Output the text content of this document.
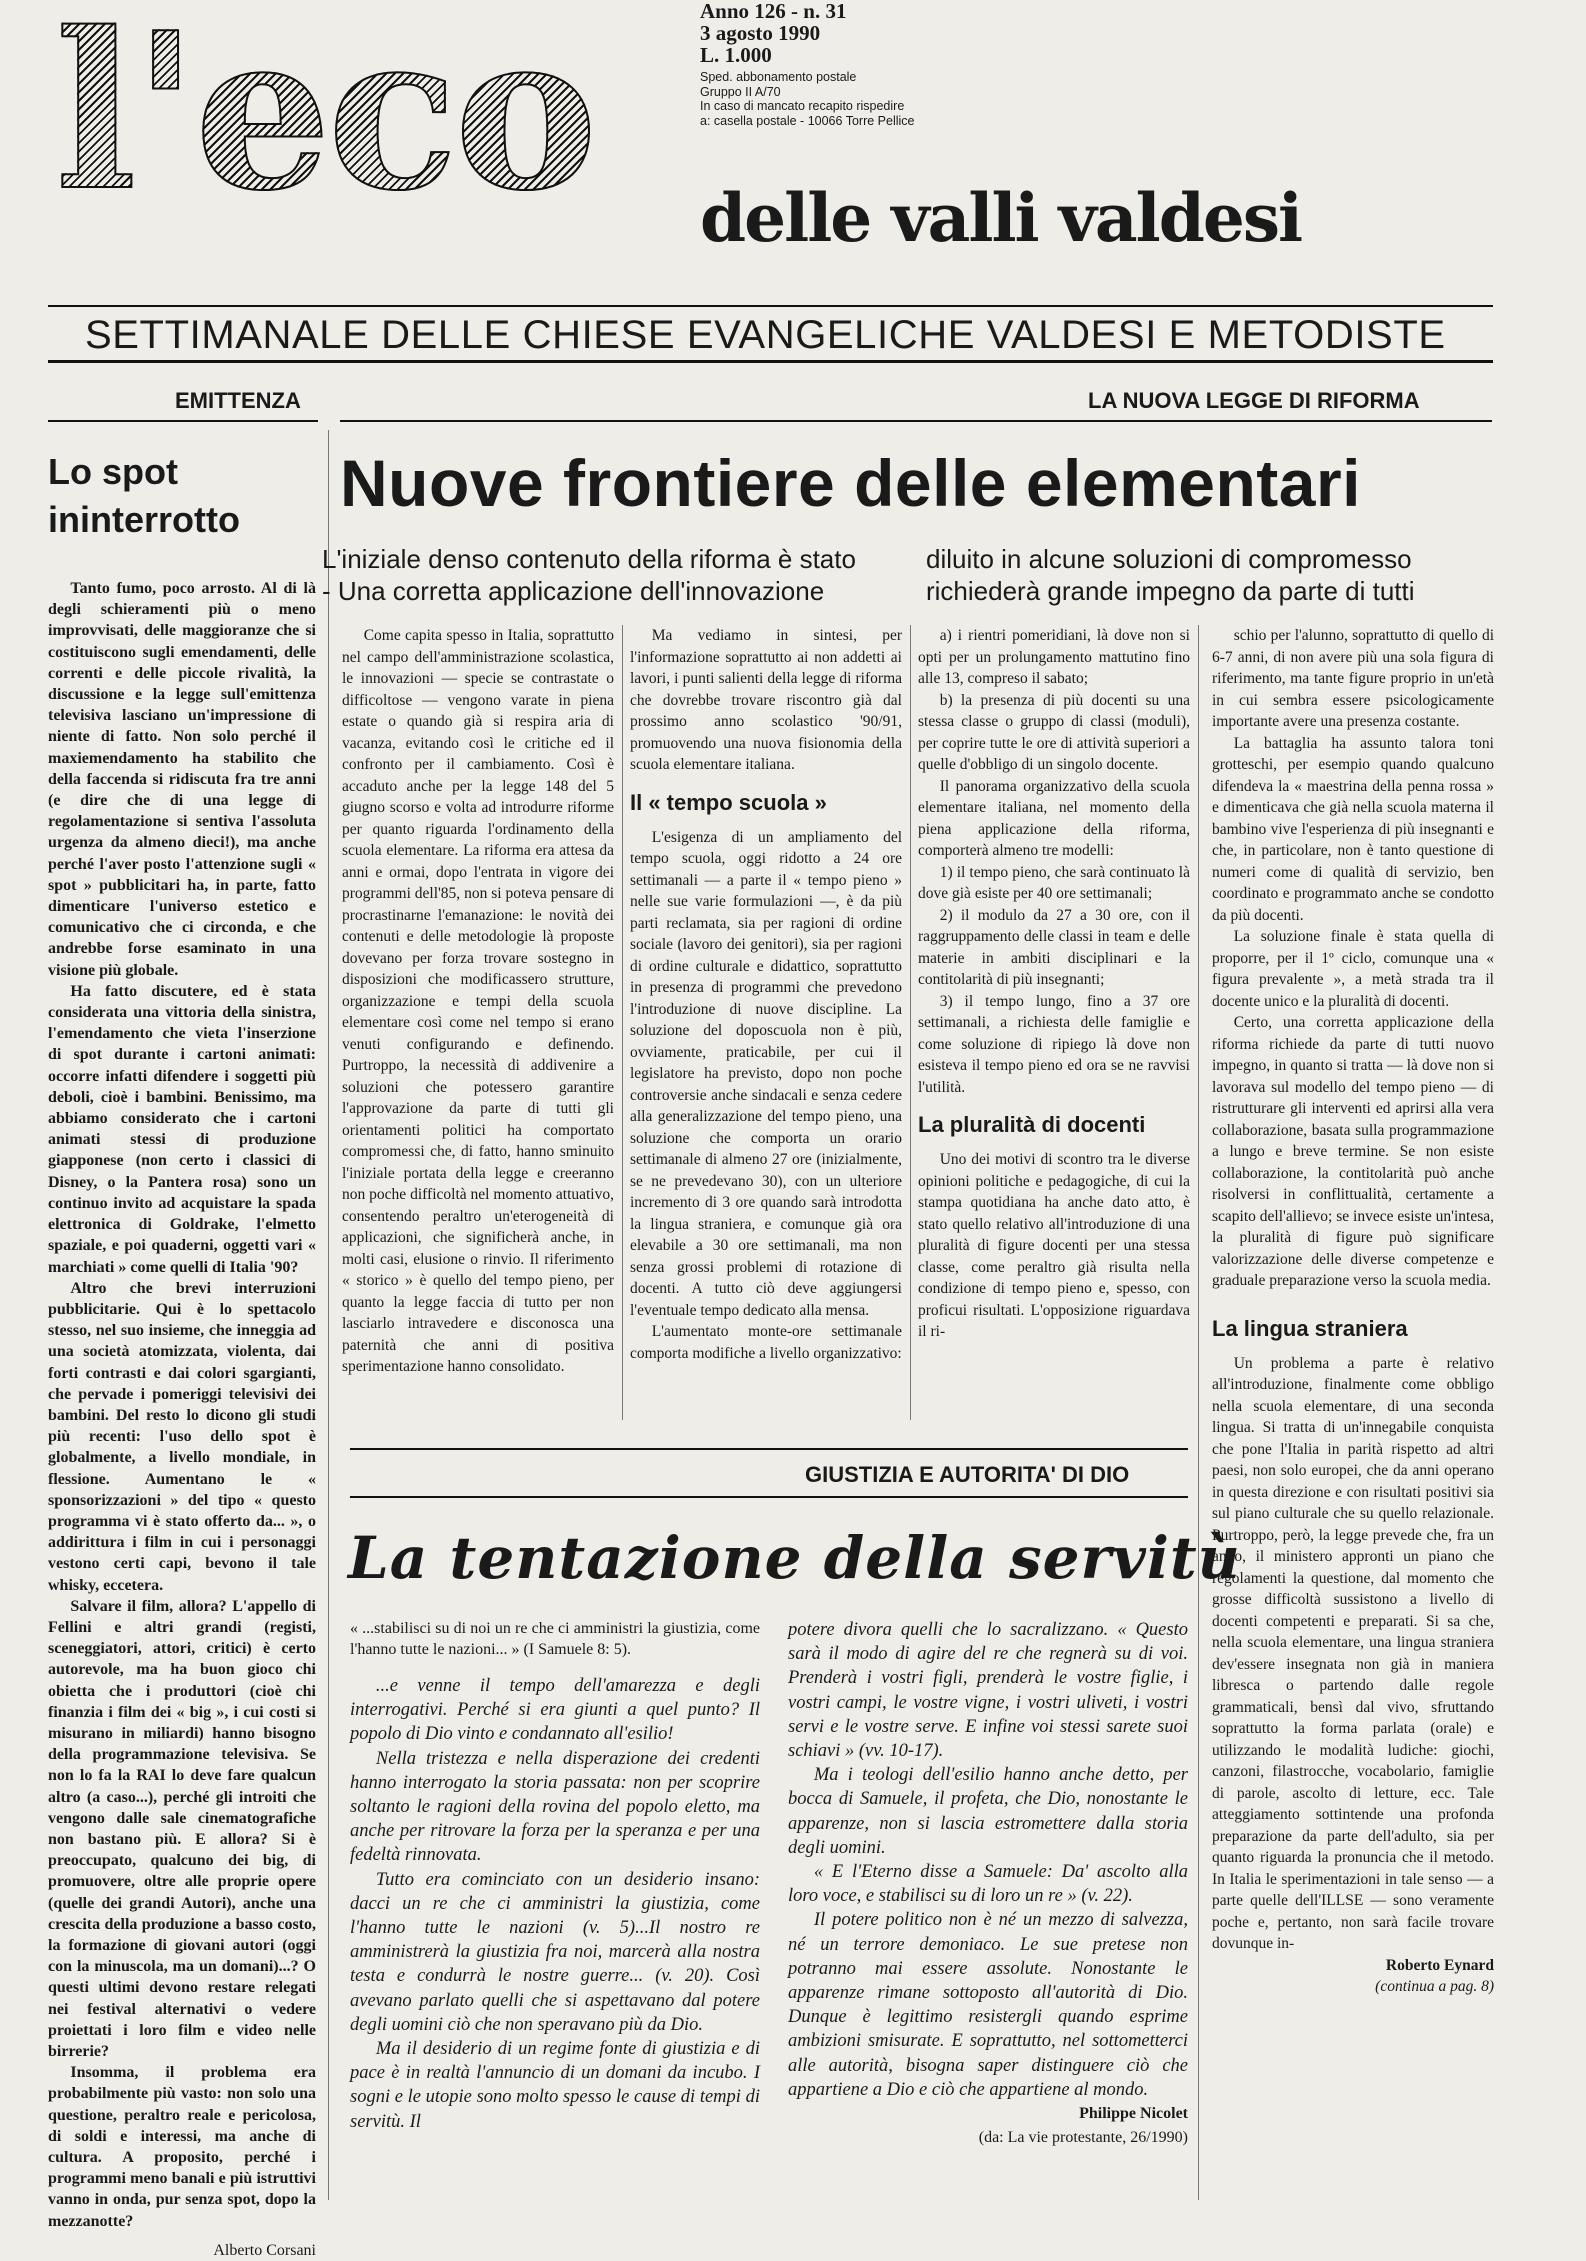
l'eco	Anno 126 - n. 31
3 agosto 1990
L. 1.000
Sped. abbonamento postale
Gruppo II A/70
In caso di mancato recapito rispedire
a: casella postale - 10066 Torre Pellice
delle valli valdesi
SETTIMANALE DELLE CHIESE EVANGELICHE VALDESI E METODISTE
EMITTENZA	LA NUOVA LEGGE DI RIFORMA
Lo spot ininterrotto

Tanto fumo, poco arrosto. Al di là degli schieramenti più o meno improvvisati, delle maggioranze che si costituiscono sugli emendamenti, delle correnti e delle piccole rivalità, la discussione e la legge sull'emittenza televisiva lasciano un'impressione di niente di fatto. Non solo perché il maxiemendamento ha stabilito che della faccenda si ridiscuta fra tre anni (e dire che di una legge di regolamentazione si sentiva l'assoluta urgenza da almeno dieci!), ma anche perché l'aver posto l'attenzione sugli « spot » pubblicitari ha, in parte, fatto dimenticare l'universo estetico e comunicativo che ci circonda, e che andrebbe forse esaminato in una visione più globale.

Ha fatto discutere, ed è stata considerata una vittoria della sinistra, l'emendamento che vieta l'inserzione di spot durante i cartoni animati: occorre infatti difendere i soggetti più deboli, cioè i bambini. Benissimo, ma abbiamo considerato che i cartoni animati stessi di produzione giapponese (non certo i classici di Disney, o la Pantera rosa) sono un continuo invito ad acquistare la spada elettronica di Goldrake, l'elmetto spaziale, e poi quaderni, oggetti vari « marchiati » come quelli di Italia '90?

Altro che brevi interruzioni pubblicitarie. Qui è lo spettacolo stesso, nel suo insieme, che inneggia ad una società atomizzata, violenta, dai forti contrasti e dai colori sgargianti, che pervade i pomeriggi televisivi dei bambini. Del resto lo dicono gli studi più recenti: l'uso dello spot è globalmente, a livello mondiale, in flessione. Aumentano le « sponsorizzazioni » del tipo « questo programma vi è stato offerto da... », o addirittura i film in cui i personaggi vestono certi capi, bevono il tale whisky, eccetera.

Salvare il film, allora? L'appello di Fellini e altri grandi (registi, sceneggiatori, attori, critici) è certo autorevole, ma ha buon gioco chi obietta che i produttori (cioè chi finanzia i film dei « big », i cui costi si misurano in miliardi) hanno bisogno della programmazione televisiva. Se non lo fa la RAI lo deve fare qualcun altro (a caso...), perché gli introiti che vengono dalle sale cinematografiche non bastano più. E allora? Si è preoccupato, qualcuno dei big, di promuovere, oltre alle proprie opere (quelle dei grandi Autori), anche una crescita della produzione a basso costo, la formazione di giovani autori (oggi con la minuscola, ma un domani)...? O questi ultimi devono restare relegati nei festival alternativi o vedere proiettati i loro film e video nelle birrerie?

Insomma, il problema era probabilmente più vasto: non solo una questione, peraltro reale e pericolosa, di soldi e interessi, ma anche di cultura. A proposito, perché i programmi meno banali e più istruttivi vanno in onda, pur senza spot, dopo la mezzanotte?

Alberto Corsani

Nuove frontiere delle elementari
L'iniziale denso contenuto della riforma è stato	diluito in alcune soluzioni di compromesso
- Una corretta applicazione dell'innovazione	richiederà grande impegno da parte di tutti

Come capita spesso in Italia, soprattutto nel campo dell'amministrazione scolastica, le innovazioni — specie se contrastate o difficoltose — vengono varate in piena estate o quando già si respira aria di vacanza, evitando così le critiche ed il confronto per il cambiamento. Così è accaduto anche per la legge 148 del 5 giugno scorso e volta ad introdurre riforme per quanto riguarda l'ordinamento della scuola elementare. La riforma era attesa da anni e ormai, dopo l'entrata in vigore dei programmi dell'85, non si poteva pensare di procrastinarne l'emanazione: le novità dei contenuti e delle metodologie là proposte dovevano per forza trovare sostegno in disposizioni che modificassero strutture, organizzazione e tempi della scuola elementare così come nel tempo si erano venuti configurando e definendo. Purtroppo, la necessità di addivenire a soluzioni che potessero garantire l'approvazione da parte di tutti gli orientamenti politici ha comportato compromessi che, di fatto, hanno sminuito l'iniziale portata della legge e creeranno non poche difficoltà nel momento attuativo, consentendo peraltro un'eterogeneità di applicazioni, che significherà anche, in molti casi, elusione o rinvio. Il riferimento « storico » è quello del tempo pieno, per quanto la legge faccia di tutto per non lasciarlo intravedere e disconosca una paternità che anni di positiva sperimentazione hanno consolidato.

Ma vediamo in sintesi, per l'informazione soprattutto ai non addetti ai lavori, i punti salienti della legge di riforma che dovrebbe trovare riscontro già dal prossimo anno scolastico '90/91, promuovendo una nuova fisionomia della scuola elementare italiana.

Il « tempo scuola »

L'esigenza di un ampliamento del tempo scuola, oggi ridotto a 24 ore settimanali — a parte il « tempo pieno » nelle sue varie formulazioni —, è da più parti reclamata, sia per ragioni di ordine sociale (lavoro dei genitori), sia per ragioni di ordine culturale e didattico, soprattutto in presenza di programmi che prevedono l'introduzione di nuove discipline. La soluzione del doposcuola non è più, ovviamente, praticabile, per cui il legislatore ha previsto, dopo non poche controversie anche sindacali e senza cedere alla generalizzazione del tempo pieno, una soluzione che comporta un orario settimanale di almeno 27 ore (inizialmente, se ne prevedevano 30), con un ulteriore incremento di 3 ore quando sarà introdotta la lingua straniera, e comunque già ora elevabile a 30 ore settimanali, ma non senza grossi problemi di rotazione di docenti. A tutto ciò deve aggiungersi l'eventuale tempo dedicato alla mensa.

L'aumentato monte-ore settimanale comporta modifiche a livello organizzativo:

a) i rientri pomeridiani, là dove non si opti per un prolungamento mattutino fino alle 13, compreso il sabato;

b) la presenza di più docenti su una stessa classe o gruppo di classi (moduli), per coprire tutte le ore di attività superiori a quelle d'obbligo di un singolo docente.

Il panorama organizzativo della scuola elementare italiana, nel momento della piena applicazione della riforma, comporterà almeno tre modelli:

1) il tempo pieno, che sarà continuato là dove già esiste per 40 ore settimanali;

2) il modulo da 27 a 30 ore, con il raggruppamento delle classi in team e delle materie in ambiti disciplinari e la contitolarità di più insegnanti;

3) il tempo lungo, fino a 37 ore settimanali, a richiesta delle famiglie e come soluzione di ripiego là dove non esisteva il tempo pieno ed ora se ne ravvisi l'utilità.

La pluralità di docenti

Uno dei motivi di scontro tra le diverse opinioni politiche e pedagogiche, di cui la stampa quotidiana ha anche dato atto, è stato quello relativo all'introduzione di una pluralità di figure docenti per una stessa classe, come peraltro già risulta nella condizione di tempo pieno e, spesso, con proficui risultati. L'opposizione riguardava il ri-

schio per l'alunno, soprattutto di quello di 6-7 anni, di non avere più una sola figura di riferimento, ma tante figure proprio in un'età in cui sembra essere psicologicamente importante avere una presenza costante.

La battaglia ha assunto talora toni grotteschi, per esempio quando qualcuno difendeva la « maestrina della penna rossa » e dimenticava che già nella scuola materna il bambino vive l'esperienza di più insegnanti e che, in particolare, non è tanto questione di numeri come di qualità di servizio, ben coordinato e programmato anche se condotto da più docenti.

La soluzione finale è stata quella di proporre, per il 1º ciclo, comunque una « figura prevalente », a metà strada tra il docente unico e la pluralità di docenti.

Certo, una corretta applicazione della riforma richiede da parte di tutti nuovo impegno, in quanto si tratta — là dove non si lavorava sul modello del tempo pieno — di ristrutturare gli interventi ed aprirsi alla vera collaborazione, basata sulla programmazione a lungo e breve termine. Se non esiste collaborazione, la contitolarità può anche risolversi in conflittualità, certamente a scapito dell'allievo; se invece esiste un'intesa, la pluralità di figure può significare valorizzazione delle diverse competenze e graduale preparazione verso la scuola media.

La lingua straniera

Un problema a parte è relativo all'introduzione, finalmente come obbligo nella scuola elementare, di una seconda lingua. Si tratta di un'innegabile conquista che pone l'Italia in parità rispetto ad altri paesi, non solo europei, che da anni operano in questa direzione e con risultati positivi sia sul piano culturale che su quello relazionale. Purtroppo, però, la legge prevede che, fra un anno, il ministero approntі un piano che regolamenti la questione, dal momento che grosse difficoltà sussistono a livello di docenti competenti e preparati. Si sa che, nella scuola elementare, una lingua straniera dev'essere insegnata non già in maniera libresca o partendo dalle regole grammaticali, bensì dal vivo, sfruttando soprattutto la forma parlata (orale) e utilizzando le modalità ludiche: giochi, canzoni, filastrocche, vocabolario, famiglie di parole, ascolto di letture, ecc. Tale atteggiamento sottintende una profonda preparazione da parte dell'adulto, sia per quanto riguarda la pronuncia che il metodo. In Italia le sperimentazioni in tale senso — a parte quelle dell'ILLSE — sono veramente poche e, pertanto, non sarà facile trovare dovunque in-

Roberto Eynard

(continua a pag. 8)

GIUSTIZIA E AUTORITA' DI DIO
La tentazione della servitù

« ...stabilisci su di noi un re che ci amministri la giustizia, come l'hanno tutte le nazioni... » (I Samuele 8: 5).

...e venne il tempo dell'amarezza e degli interrogativi. Perché si era giunti a quel punto? Il popolo di Dio vinto e condannato all'esilio!

Nella tristezza e nella disperazione dei credenti hanno interrogato la storia passata: non per scoprire soltanto le ragioni della rovina del popolo eletto, ma anche per ritrovare la forza per la speranza e per una fedeltà rinnovata.

Tutto era cominciato con un desiderio insano: dacci un re che ci amministri la giustizia, come l'hanno tutte le nazioni (v. 5)...Il nostro re amministrerà la giustizia fra noi, marcerà alla nostra testa e condurrà le nostre guerre... (v. 20). Così avevano parlato quelli che si aspettavano dal potere degli uomini ciò che non speravano più da Dio.

Ma il desiderio di un regime fonte di giustizia e di pace è in realtà l'annuncio di un domani da incubo. I sogni e le utopie sono molto spesso le cause di tempi di servitù. Il

potere divora quelli che lo sacralizzano. « Questo sarà il modo di agire del re che regnerà su di voi. Prenderà i vostri figli, prenderà le vostre figlie, i vostri campi, le vostre vigne, i vostri uliveti, i vostri servi e le vostre serve. E infine voi stessi sarete suoi schiavi » (vv. 10-17).

Ma i teologi dell'esilio hanno anche detto, per bocca di Samuele, il profeta, che Dio, nonostante le apparenze, non si lascia estromettere dalla storia degli uomini.

« E l'Eterno disse a Samuele: Da' ascolto alla loro voce, e stabilisci su di loro un re » (v. 22).

Il potere politico non è né un mezzo di salvezza, né un terrore demoniaco. Le sue pretese non potranno mai essere assolute. Nonostante le apparenze rimane sottoposto all'autorità di Dio. Dunque è legittimo resistergli quando esprime ambizioni smisurate. E soprattutto, nel sottometterci alle autorità, bisogna saper distinguere ciò che appartiene a Dio e ciò che appartiene al mondo.

Philippe Nicolet

(da: La vie protestante, 26/1990)
